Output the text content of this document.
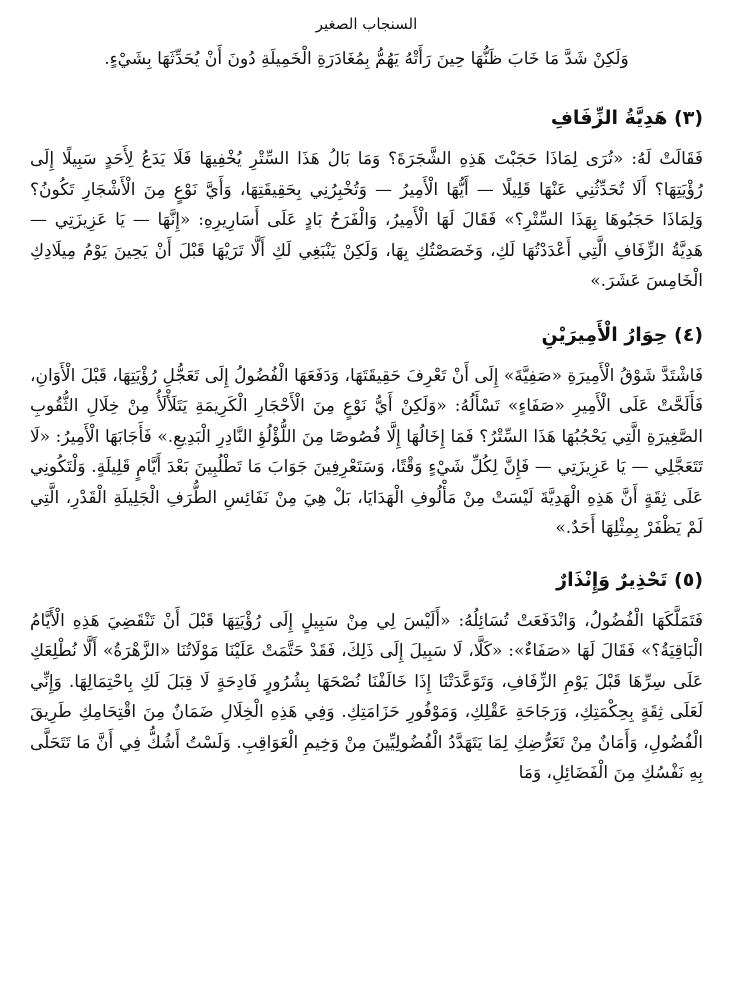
السنجاب الصغير

وَلَكِنْ شَدَّ مَا خَابَ ظَنُّهَا حِينَ رَأَتْهُ يَهُمُّ بِمُغَادَرَةِ الْخَمِيلَةِ دُونَ أَنْ يُحَدِّثَهَا بِشَيْءٍ.

(٣) هَدِيَّةُ الزِّفَافِ

فَقَالَتْ لَهُ: «تُرَى لِمَاذَا حَجَبْتَ هَذِهِ الشَّجَرَةَ؟ وَمَا بَالُ هَذَا السِّتْرِ يُخْفِيهَا فَلَا يَدَعُ لِأَحَدٍ سَبِيلًا إِلَى رُؤْيَتِهَا؟ أَلَا تُحَدِّثُنِي عَنْهَا قَلِيلًا — أَيُّهَا الْأَمِيرُ — وَتُخْبِرُنِي بِحَقِيقَتِهَا، وَأَيَّ نَوْعٍ مِنَ الْأَشْجَارِ تَكُونُ؟ وَلِمَاذَا حَجَبُوهَا بِهَذَا السِّتْرِ؟» فَقَالَ لَهَا الْأَمِيرُ، وَالْفَرَحُ بَادٍ عَلَى أَسَارِيرِهِ: «إِنَّهَا — يَا عَزِيزَتِي — هَدِيَّةُ الزِّفَافِ الَّتِي أَعْدَدْتُهَا لَكِ، وَخَصَصْتُكِ بِهَا، وَلَكِنْ يَنْبَغِي لَكِ أَلَّا تَرَيْهَا قَبْلَ أَنْ يَحِينَ يَوْمُ مِيلَادِكِ الْخَامِسَ عَشَرَ.»

(٤) حِوَارُ الْأَمِيرَيْنِ

فَاشْتَدَّ شَوْقُ الْأَمِيرَةِ «صَفِيَّةَ» إِلَى أَنْ تَعْرِفَ حَقِيقَتَهَا، وَدَفَعَهَا الْفُضُولُ إِلَى تَعَجُّلِ رُؤْيَتِهَا، قَبْلَ الْأَوَانِ، فَأَلَحَّتْ عَلَى الْأَمِيرِ «صَفَاءٍ» تَسْأَلُهُ: «وَلَكِنْ أَيُّ نَوْعٍ مِنَ الْأَحْجَارِ الْكَرِيمَةِ يَتَلَأْلَأُ مِنْ خِلَالِ الثُّقُوبِ الصَّغِيرَةِ الَّتِي يَحْجُبُهَا هَذَا السِّتْرُ؟ فَمَا إِخَالُهَا إِلَّا فُصُوصًا مِنَ اللُّؤْلُؤِ النَّادِرِ الْبَدِيعِ.» فَأَجَابَهَا الْأَمِيرُ: «لَا تَتَعَجَّلِي — يَا عَزِيزَتِي — فَإِنَّ لِكُلِّ شَيْءٍ وَقْتًا، وَسَتَعْرِفِينَ جَوَابَ مَا تَطْلُبِينَ بَعْدَ أَيَّامٍ قَلِيلَةٍ. وَلْتَكُونِي عَلَى ثِقَةٍ أَنَّ هَذِهِ الْهَدِيَّةَ لَيْسَتْ مِنْ مَأْلُوفِ الْهَدَايَا، بَلْ هِيَ مِنْ نَفَائِسِ الطُّرَفِ الْجَلِيلَةِ الْقَدْرِ، الَّتِي لَمْ يَظْفَرْ بِمِثْلِهَا أَحَدٌ.»

(٥) تَحْذِيرٌ وَإِنْذَارٌ

فَتَمَلَّكَهَا الْفُضُولُ، وَانْدَفَعَتْ تُسَائِلُهُ: «أَلَيْسَ لِي مِنْ سَبِيلٍ إِلَى رُؤْيَتِهَا قَبْلَ أَنْ تَنْقَضِيَ هَذِهِ الْأَيَّامُ الْبَاقِيَةُ؟» فَقَالَ لَهَا «صَفَاءٌ»: «كَلَّا، لَا سَبِيلَ إِلَى ذَلِكَ، فَقَدْ حَتَّمَتْ عَلَيْنَا مَوْلَاتُنَا «الزَّهْرَةُ» أَلَّا نُطْلِعَكِ عَلَى سِرِّهَا قَبْلَ يَوْمِ الزِّفَافِ، وَتَوَعَّدَتْنَا إِذَا خَالَفْنَا نُصْحَهَا بِشُرُورٍ فَادِحَةٍ لَا قِبَلَ لَكِ بِاحْتِمَالِهَا. وَإِنِّي لَعَلَى ثِقَةٍ بِحِكْمَتِكِ، وَرَجَاحَةِ عَقْلِكِ، وَمَوْفُورِ حَزَامَتِكِ. وَفِي هَذِهِ الْخِلَالِ ضَمَانٌ مِنَ اقْتِحَامِكِ طَرِيقَ الْفُضُولِ، وَأَمَانٌ مِنْ تَعَرُّضِكِ لِمَا يَتَهَدَّدُ الْفُضُولِيِّينَ مِنْ وَخِيمِ الْعَوَاقِبِ. وَلَسْتُ أَشُكُّ فِي أَنَّ مَا تَتَحَلَّى بِهِ نَفْسُكِ مِنَ الْفَضَائِلِ، وَمَا
